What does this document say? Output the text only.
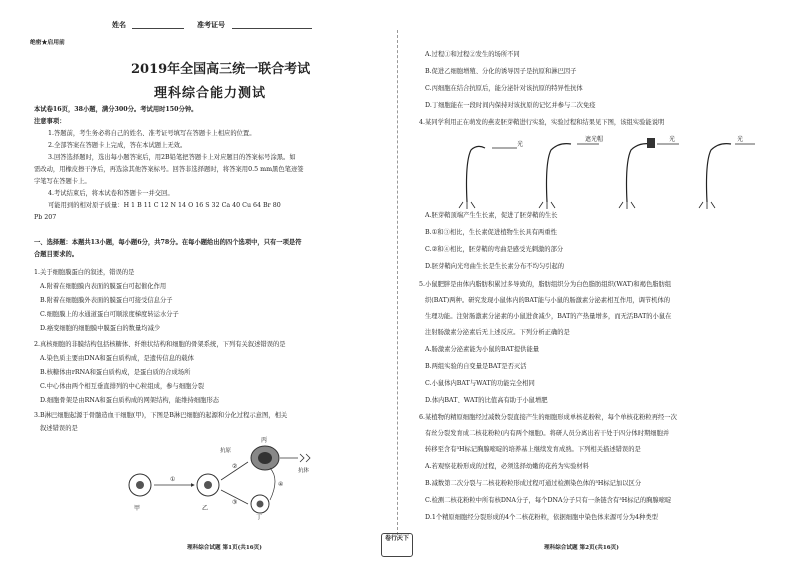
姓名	准考证号
绝密★启用前
2019年全国高三统一联合考试
理科综合能力测试
本试卷16页，38小题，满分300分。考试用时150分钟。
注意事项：
1.答题前，考生务必将自己的姓名、准考证号填写在答题卡上相应的位置。
2.全部答案在答题卡上完成，答在本试题上无效。
3.回答选择题时，选出每小题答案后，用2B铅笔把答题卡上对应题目的答案标号涂黑。如
需改动，用橡皮擦干净后，再选涂其他答案标号。回答非选择题时，将答案用0.5 mm黑色笔迹签
字笔写在答题卡上。
4.考试结束后，将本试卷和答题卡一并交回。
可能用到的相对原子质量：H 1 B 11 C 12 N 14 O 16 S 32 Ca 40 Cu 64 Br 80
Pb 207
一、选择题：本题共13小题，每小题6分，共78分。在每小题给出的四个选项中，只有一项是符
合题目要求的。
1.关于细胞膜蛋白的叙述，错误的是
A.附着在细胞膜内表面的膜蛋白可起催化作用
B.附着在细胞膜外表面的膜蛋白可接受信息分子
C.细胞膜上的水通道蛋白可顺浓度梯度转运水分子
D.癌变细胞的细胞膜中膜蛋白的数量均减少
2.真核细胞的非膜结构包括核糖体、纤维状结构和细胞的骨架系统，下列有关叙述错误的是
A.染色质主要由DNA和蛋白质构成，是遗传信息的载体
B.核糖体由rRNA和蛋白质构成，是蛋白质的合成场所
C.中心体由两个相互垂直排列的中心粒组成，参与细胞分裂
D.细胞骨架是由RNA和蛋白质构成的网架结构，能维持细胞形态
3.B淋巴细胞起源于骨髓造血干细胞(甲)，下图是B淋巴细胞的起源和分化过程示意图，相关
叙述错误的是
甲	乙
丙
丁
①
②
③
④
抗原
抗体
理科综合试题 第1页(共16页)
A.过程①和过程②发生的场所不同
B.促进乙细胞增殖、分化的诱导因子是抗原和淋巴因子
C.丙细胞在结合抗原后，能分泌针对该抗原的特异性抗体
D.丁细胞能在一段时间内保持对该抗原的记忆并参与二次免疫
4.某同学利用正在萌发的燕麦胚芽鞘进行实验，实验过程和结果见下图，该组实验能说明
光
遮光帽	光	光
A.胚芽鞘顶端产生生长素，促进了胚芽鞘的生长
B.①和③相比，生长素促进植物生长具有两重性
C.②和④相比，胚芽鞘的弯曲是感受光刺激的部分
D.胚芽鞘向光弯曲生长是生长素分布不均匀引起的
5.小鼠肥胖是由体内脂肪积累过多导致的，脂肪组织分为白色脂肪组织(WAT)和褐色脂肪组
织(BAT)两种。研究发现小鼠体内的BAT能与小鼠的肠激素分泌素相互作用，调节机体的
生理功能。注射肠激素分泌素的小鼠进食减少，BAT的产热量增多，而无活BAT的小鼠在
注射肠激素分泌素后无上述反应。下列分析正确的是
A.肠激素分泌素能为小鼠的BAT提供能量
B.两组实验的自变量是BAT是否灭活
C.小鼠体内BAT与WAT的功能完全相同
D.体内BAT、WAT的比值高有助于小鼠增肥
6.某植物的精原细胞经过减数分裂直接产生的细胞形成单核花粉粒，每个单核花粉粒再经一次
有丝分裂发育成二核花粉粒(内有两个细胞)。将研人员分离出若干处于四分体时期细胞并
转移至含有³H标记胸腺嘧啶的培养基上继续发育成熟。下列相关描述错误的是
A.若观察花粉形成的过程，必须选择幼嫩的花药为实验材料
B.减数第二次分裂与二核花粉粒形成过程可通过检测染色体的³H标记加以区分
C.检测二核花粉粒中所有核DNA分子，每个DNA分子只有一条链含有³H标记的胸腺嘧啶
D.1个精原细胞经分裂形成的4个二核花粉粒，依据细胞中染色体来源可分为4种类型
理科综合试题 第2页(共16页)
卷行天下
